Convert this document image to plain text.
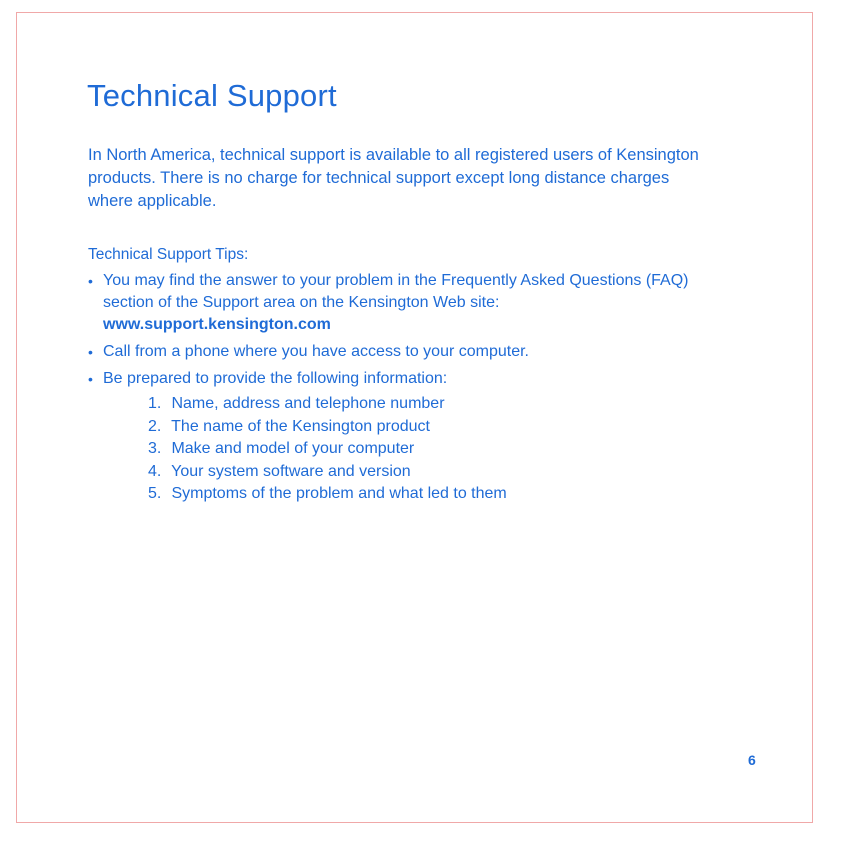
Technical Support

In North America, technical support is available to all registered users of Kensington products. There is no charge for technical support except long distance charges where applicable.

Technical Support Tips:

• You may find the answer to your problem in the Frequently Asked Questions (FAQ) section of the Support area on the Kensington Web site:
www.support.kensington.com
• Call from a phone where you have access to your computer.
• Be prepared to provide the following information:
1. Name, address and telephone number
2. The name of the Kensington product
3. Make and model of your computer
4. Your system software and version
5. Symptoms of the problem and what led to them
6
